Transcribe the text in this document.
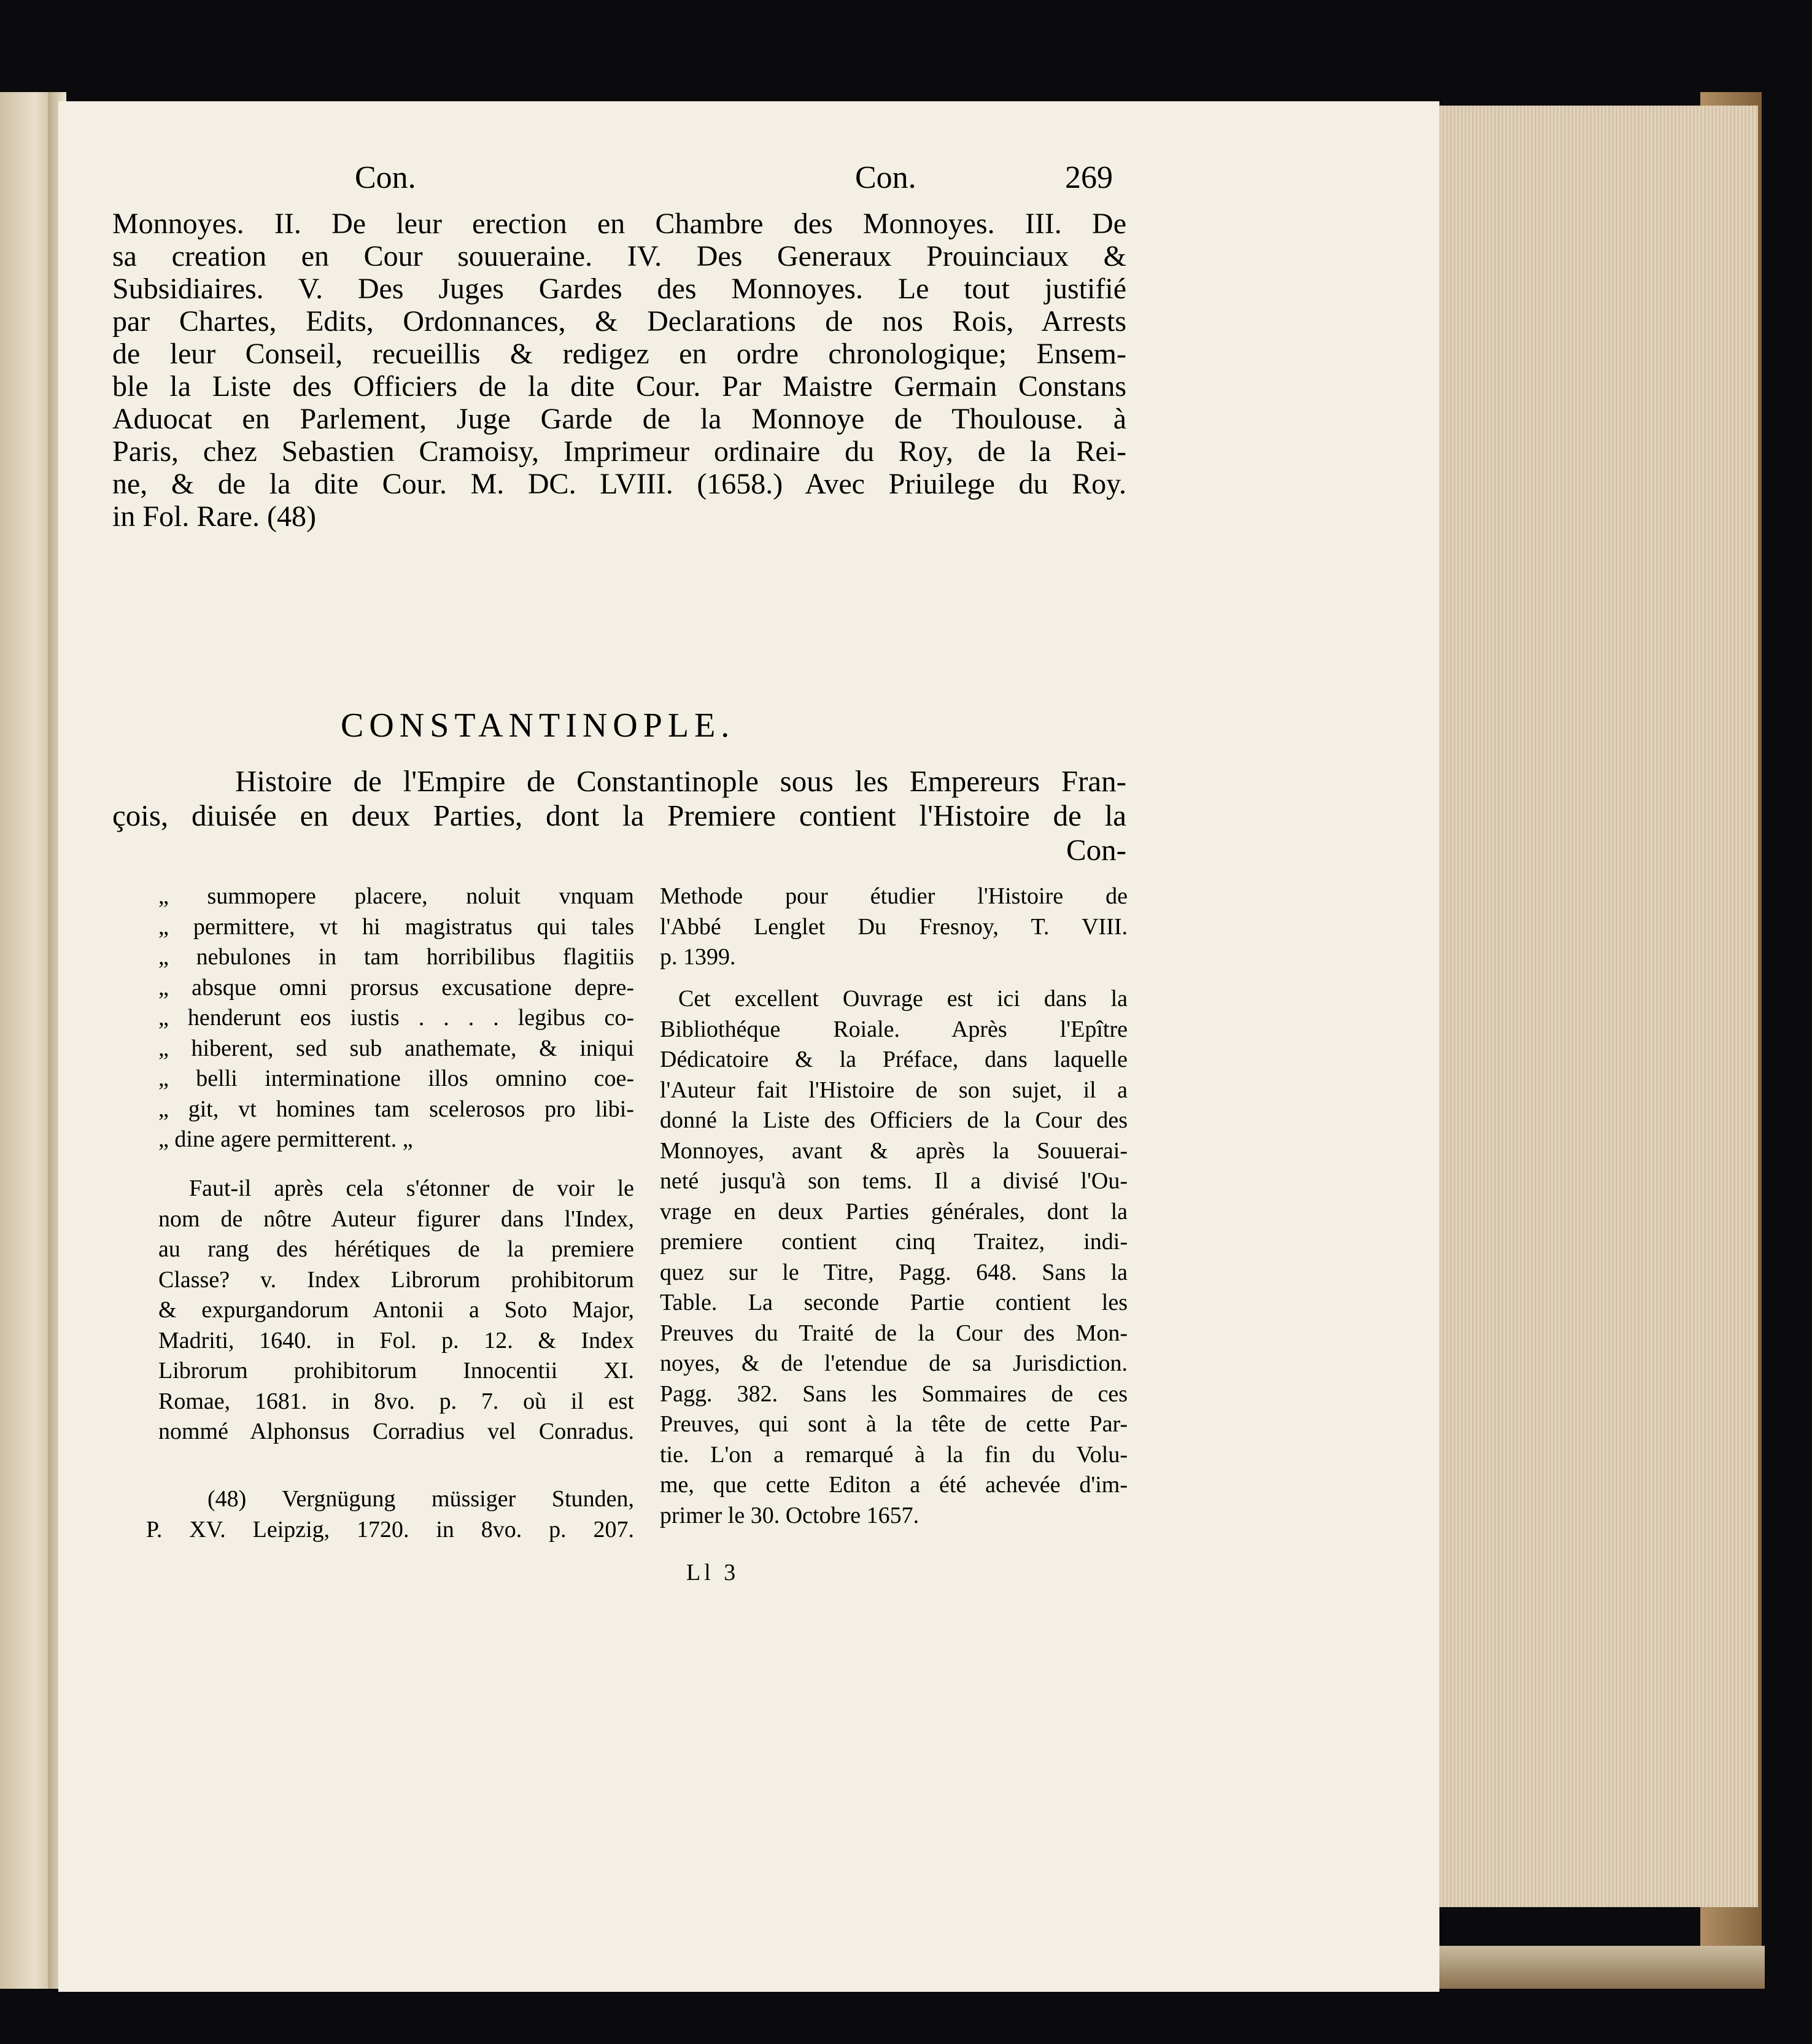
Con.	Con.	269
Monnoyes. II. De leur erection en Chambre des Monnoyes. III. De
sa creation en Cour souueraine. IV. Des Generaux Prouinciaux &
Subsidiaires. V. Des Juges Gardes des Monnoyes. Le tout justifié
par Chartes, Edits, Ordonnances, & Declarations de nos Rois, Arrests
de leur Conseil, recueillis & redigez en ordre chronologique; Ensem-
ble la Liste des Officiers de la dite Cour. Par Maistre Germain Constans
Aduocat en Parlement, Juge Garde de la Monnoye de Thoulouse. à
Paris, chez Sebastien Cramoisy, Imprimeur ordinaire du Roy, de la Rei-
ne, & de la dite Cour. M. DC. LVIII. (1658.) Avec Priuilege du Roy.
in Fol. Rare. (48)
CONSTANTINOPLE.
Histoire de l'Empire de Constantinople sous les Empereurs Fran-
çois, diuisée en deux Parties, dont la Premiere contient l'Histoire de la
Con-
„ summopere placere, noluit vnquam
„ permittere, vt hi magistratus qui tales
„ nebulones in tam horribilibus flagitiis
„ absque omni prorsus excusatione depre-
„ henderunt eos iustis . . . . legibus co-
„ hiberent, sed sub anathemate, & iniqui
„ belli interminatione illos omnino coe-
„ git, vt homines tam scelerosos pro libi-
„ dine agere permitterent. „
Faut-il après cela s'étonner de voir le
nom de nôtre Auteur figurer dans l'Index,
au rang des hérétiques de la premiere
Classe? v. Index Librorum prohibitorum
& expurgandorum Antonii a Soto Major,
Madriti, 1640. in Fol. p. 12. & Index
Librorum prohibitorum Innocentii XI.
Romae, 1681. in 8vo. p. 7. où il est
nommé Alphonsus Corradius vel Conradus.
(48) Vergnügung müssiger Stunden,
P. XV. Leipzig, 1720. in 8vo. p. 207.
Methode pour étudier l'Histoire de
l'Abbé Lenglet Du Fresnoy, T. VIII.
p. 1399.
Cet excellent Ouvrage est ici dans la
Bibliothéque Roiale. Après l'Epître
Dédicatoire & la Préface, dans laquelle
l'Auteur fait l'Histoire de son sujet, il a
donné la Liste des Officiers de la Cour des
Monnoyes, avant & après la Souuerai-
neté jusqu'à son tems. Il a divisé l'Ou-
vrage en deux Parties générales, dont la
premiere contient cinq Traitez, indi-
quez sur le Titre, Pagg. 648. Sans la
Table. La seconde Partie contient les
Preuves du Traité de la Cour des Mon-
noyes, & de l'etendue de sa Jurisdiction.
Pagg. 382. Sans les Sommaires de ces
Preuves, qui sont à la tête de cette Par-
tie. L'on a remarqué à la fin du Volu-
me, que cette Editon a été achevée d'im-
primer le 30. Octobre 1657.
Ll 3
